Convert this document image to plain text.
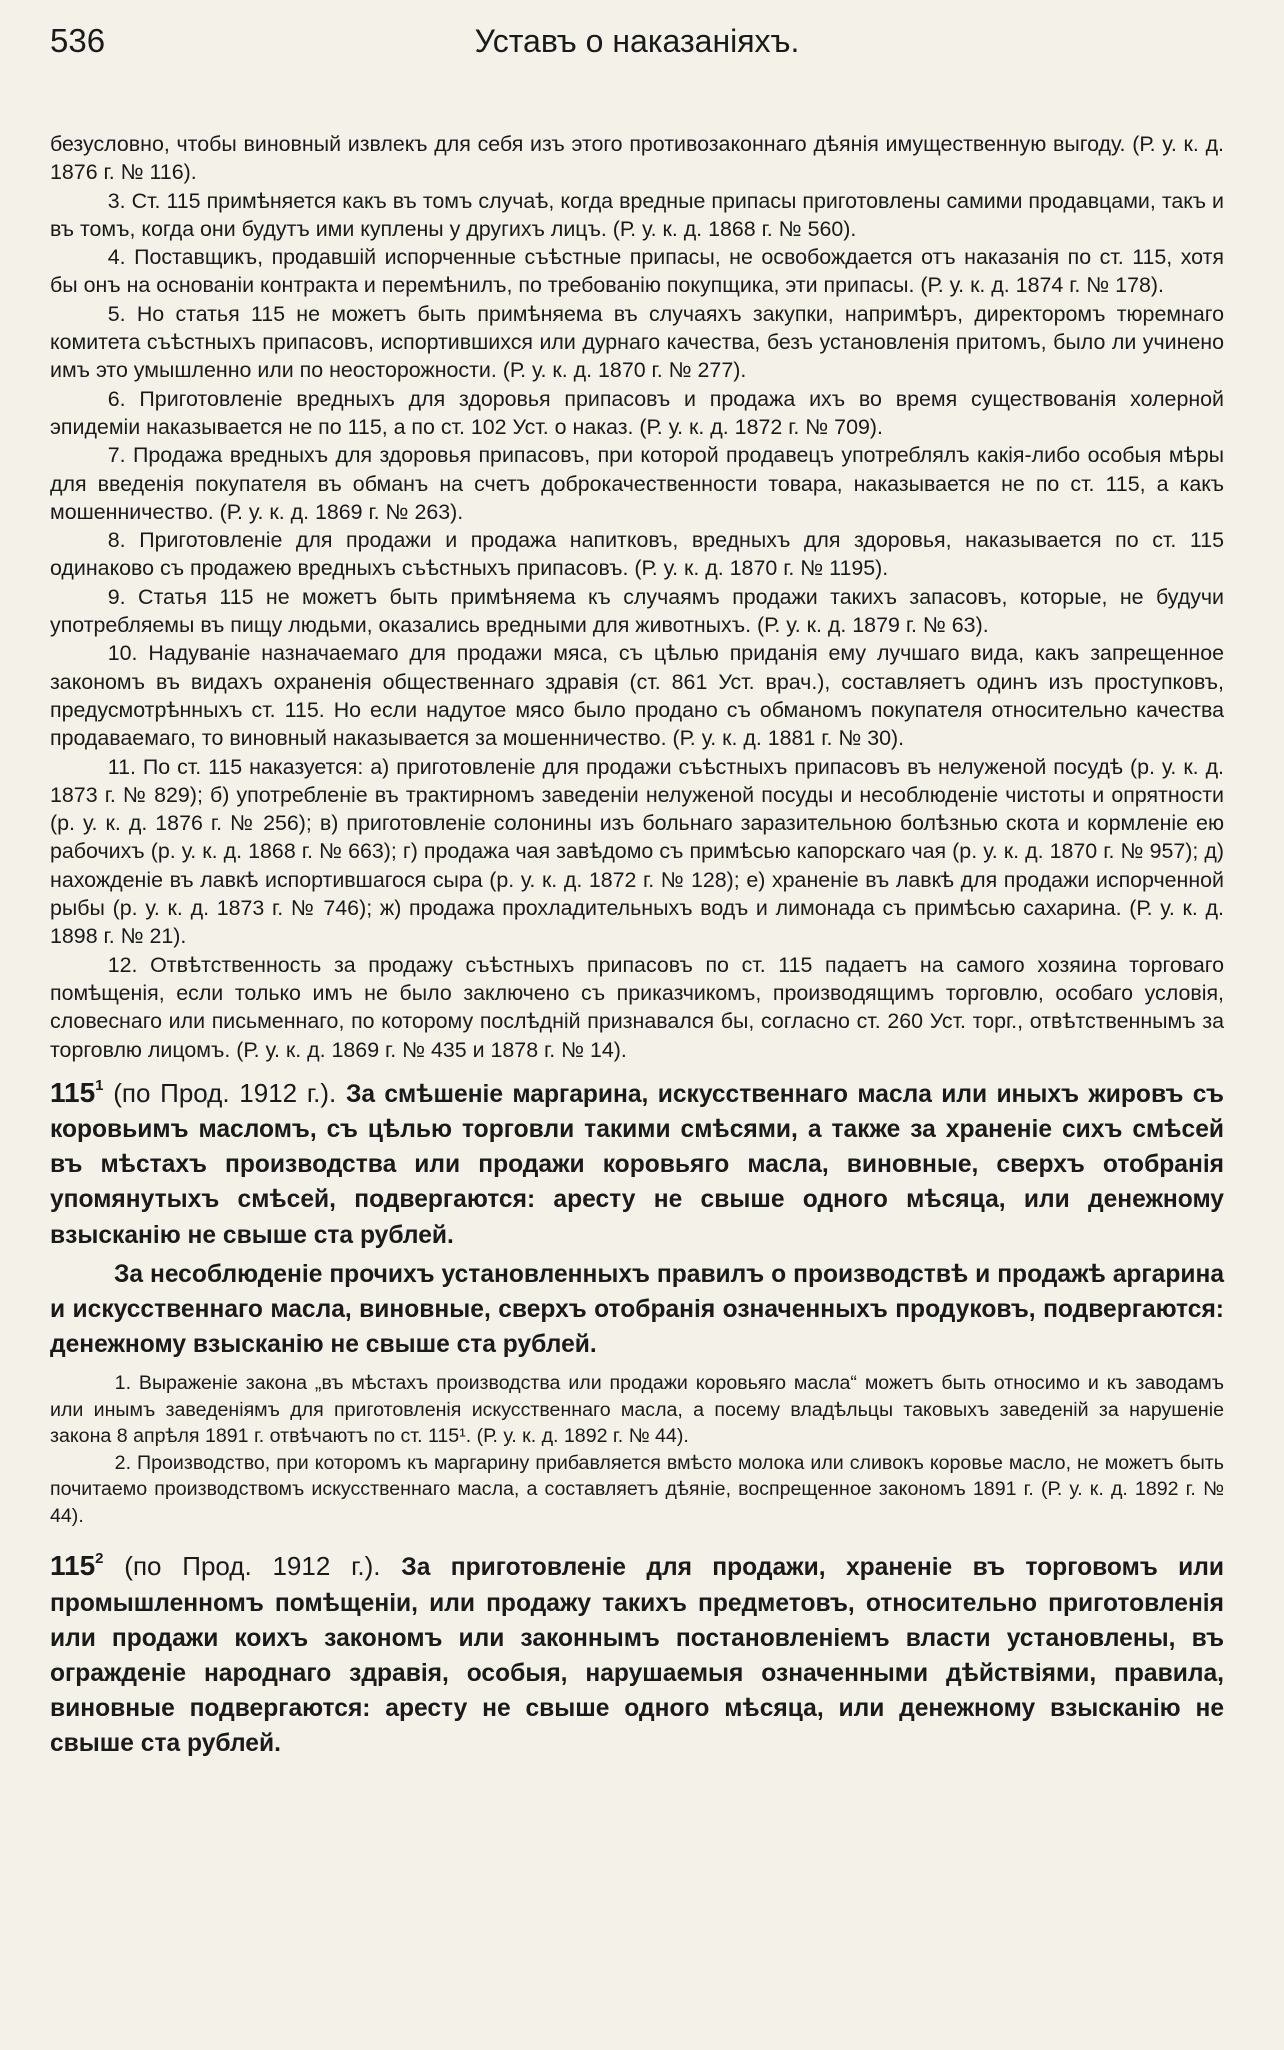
536	Уставъ о наказаніяхъ.

безусловно, чтобы виновный извлекъ для себя изъ этого противозаконнаго дѣянія имущественную выгоду. (Р. у. к. д. 1876 г. № 116).

3. Ст. 115 примѣняется какъ въ томъ случаѣ, когда вредные припасы приготовлены самими продавцами, такъ и въ томъ, когда они будутъ ими куплены у другихъ лицъ. (Р. у. к. д. 1868 г. № 560).

4. Поставщикъ, продавшій испорченные съѣстные припасы, не освобождается отъ наказанія по ст. 115, хотя бы онъ на основаніи контракта и перемѣнилъ, по требованію покупщика, эти припасы. (Р. у. к. д. 1874 г. № 178).

5. Но статья 115 не можетъ быть примѣняема въ случаяхъ закупки, напримѣръ, директоромъ тюремнаго комитета съѣстныхъ припасовъ, испортившихся или дурнаго качества, безъ установленія притомъ, было ли учинено имъ это умышленно или по неосторожности. (Р. у. к. д. 1870 г. № 277).

6. Приготовленіе вредныхъ для здоровья припасовъ и продажа ихъ во время существованія холерной эпидеміи наказывается не по 115, а по ст. 102 Уст. о наказ. (Р. у. к. д. 1872 г. № 709).

7. Продажа вредныхъ для здоровья припасовъ, при которой продавецъ употреблялъ какія-либо особыя мѣры для введенія покупателя въ обманъ на счетъ доброкачественности товара, наказывается не по ст. 115, а какъ мошенничество. (Р. у. к. д. 1869 г. № 263).

8. Приготовленіе для продажи и продажа напитковъ, вредныхъ для здоровья, наказывается по ст. 115 одинаково съ продажею вредныхъ съѣстныхъ припасовъ. (Р. у. к. д. 1870 г. № 1195).

9. Статья 115 не можетъ быть примѣняема къ случаямъ продажи такихъ запасовъ, которые, не будучи употребляемы въ пищу людьми, оказались вредными для животныхъ. (Р. у. к. д. 1879 г. № 63).

10. Надуваніе назначаемаго для продажи мяса, съ цѣлью приданія ему лучшаго вида, какъ запрещенное закономъ въ видахъ охраненія общественнаго здравія (ст. 861 Уст. врач.), составляетъ одинъ изъ проступковъ, предусмотрѣнныхъ ст. 115. Но если надутое мясо было продано съ обманомъ покупателя относительно качества продаваемаго, то виновный наказывается за мошенничество. (Р. у. к. д. 1881 г. № 30).

11. По ст. 115 наказуется: а) приготовленіе для продажи съѣстныхъ припасовъ въ нелуженой посудѣ (р. у. к. д. 1873 г. № 829); б) употребленіе въ трактирномъ заведеніи нелуженой посуды и несоблюденіе чистоты и опрятности (р. у. к. д. 1876 г. № 256); в) приготовленіе солонины изъ больнаго заразительною болѣзнью скота и кормленіе ею рабочихъ (р. у. к. д. 1868 г. № 663); г) продажа чая завѣдомо съ примѣсью капорскаго чая (р. у. к. д. 1870 г. № 957); д) нахожденіе въ лавкѣ испортившагося сыра (р. у. к. д. 1872 г. № 128); е) храненіе въ лавкѣ для продажи испорченной рыбы (р. у. к. д. 1873 г. № 746); ж) продажа прохладительныхъ водъ и лимонада съ примѣсью сахарина. (Р. у. к. д. 1898 г. № 21).

12. Отвѣтственность за продажу съѣстныхъ припасовъ по ст. 115 падаетъ на самого хозяина торговаго помѣщенія, если только имъ не было заключено съ приказчикомъ, производящимъ торговлю, особаго условія, словеснаго или письменнаго, по которому послѣдній признавался бы, согласно ст. 260 Уст. торг., отвѣтственнымъ за торговлю лицомъ. (Р. у. к. д. 1869 г. № 435 и 1878 г. № 14).

$115^1$ (по Прод. 1912 г.). За смѣшеніе маргарина, искусственнаго масла или иныхъ жировъ съ коровьимъ масломъ, съ цѣлью торговли такими смѣсями, а также за храненіе сихъ смѣсей въ мѣстахъ производства или продажи коровьяго масла, виновные, сверхъ отобранія упомянутыхъ смѣсей, подвергаются: аресту не свыше одного мѣсяца, или денежному взысканію не свыше ста рублей.

За несоблюденіе прочихъ установленныхъ правилъ о производствѣ и продажѣ аргарина и искусственнаго масла, виновные, сверхъ отобранія означенныхъ продуковъ, подвергаются: денежному взысканію не свыше ста рублей.

1. Выраженіе закона „въ мѣстахъ производства или продажи коровьяго масла“ можетъ быть относимо и къ заводамъ или инымъ заведеніямъ для приготовленія искусственнаго масла, а посему владѣльцы таковыхъ заведеній за нарушеніе закона 8 апрѣля 1891 г. отвѣчаютъ по ст. 115¹. (Р. у. к. д. 1892 г. № 44).

2. Производство, при которомъ къ маргарину прибавляется вмѣсто молока или сливокъ коровье масло, не можетъ быть почитаемо производствомъ искусственнаго масла, а составляетъ дѣяніе, воспрещенное закономъ 1891 г. (Р. у. к. д. 1892 г. № 44).

$115^2$ (по Прод. 1912 г.). За приготовленіе для продажи, храненіе въ торговомъ или промышленномъ помѣщеніи, или продажу такихъ предметовъ, относительно приготовленія или продажи коихъ закономъ или законнымъ постановленіемъ власти установлены, въ огражденіе народнаго здравія, особыя, нарушаемыя означенными дѣйствіями, правила, виновные подвергаются: аресту не свыше одного мѣсяца, или денежному взысканію не свыше ста рублей.
